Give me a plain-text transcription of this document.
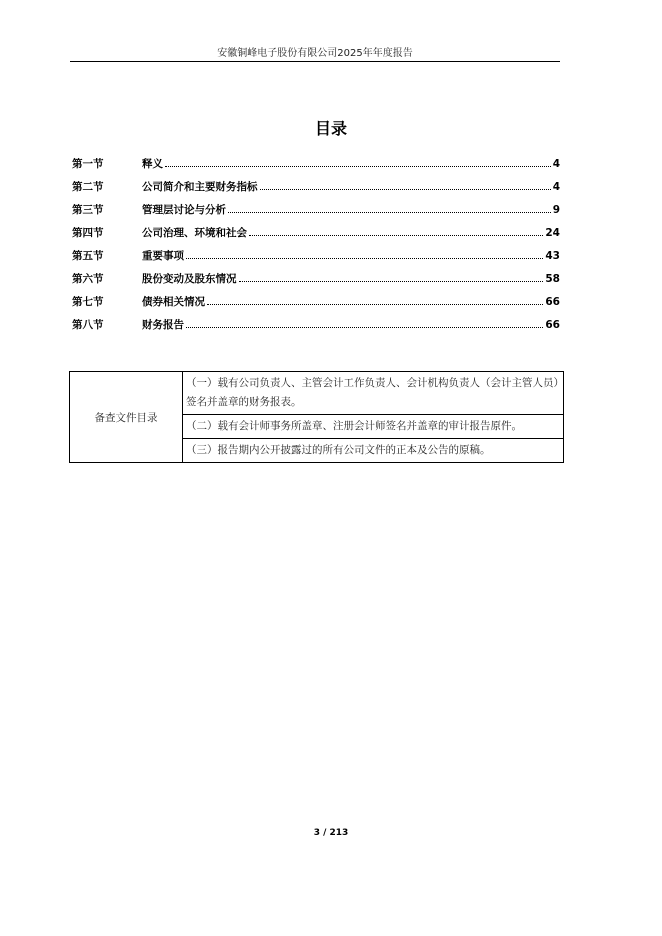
安徽铜峰电子股份有限公司2025年年度报告
目录
第一节	释义	4
第二节	公司简介和主要财务指标	4
第三节	管理层讨论与分析	9
第四节	公司治理、环境和社会	24
第五节	重要事项	43
第六节	股份变动及股东情况	58
第七节	债券相关情况	66
第八节	财务报告	66
备查文件目录	（一）载有公司负责人、主管会计工作负责人、会计机构负责人（会计主管人员）签名并盖章的财务报表。
（二）载有会计师事务所盖章、注册会计师签名并盖章的审计报告原件。
（三）报告期内公开披露过的所有公司文件的正本及公告的原稿。
3 / 213
